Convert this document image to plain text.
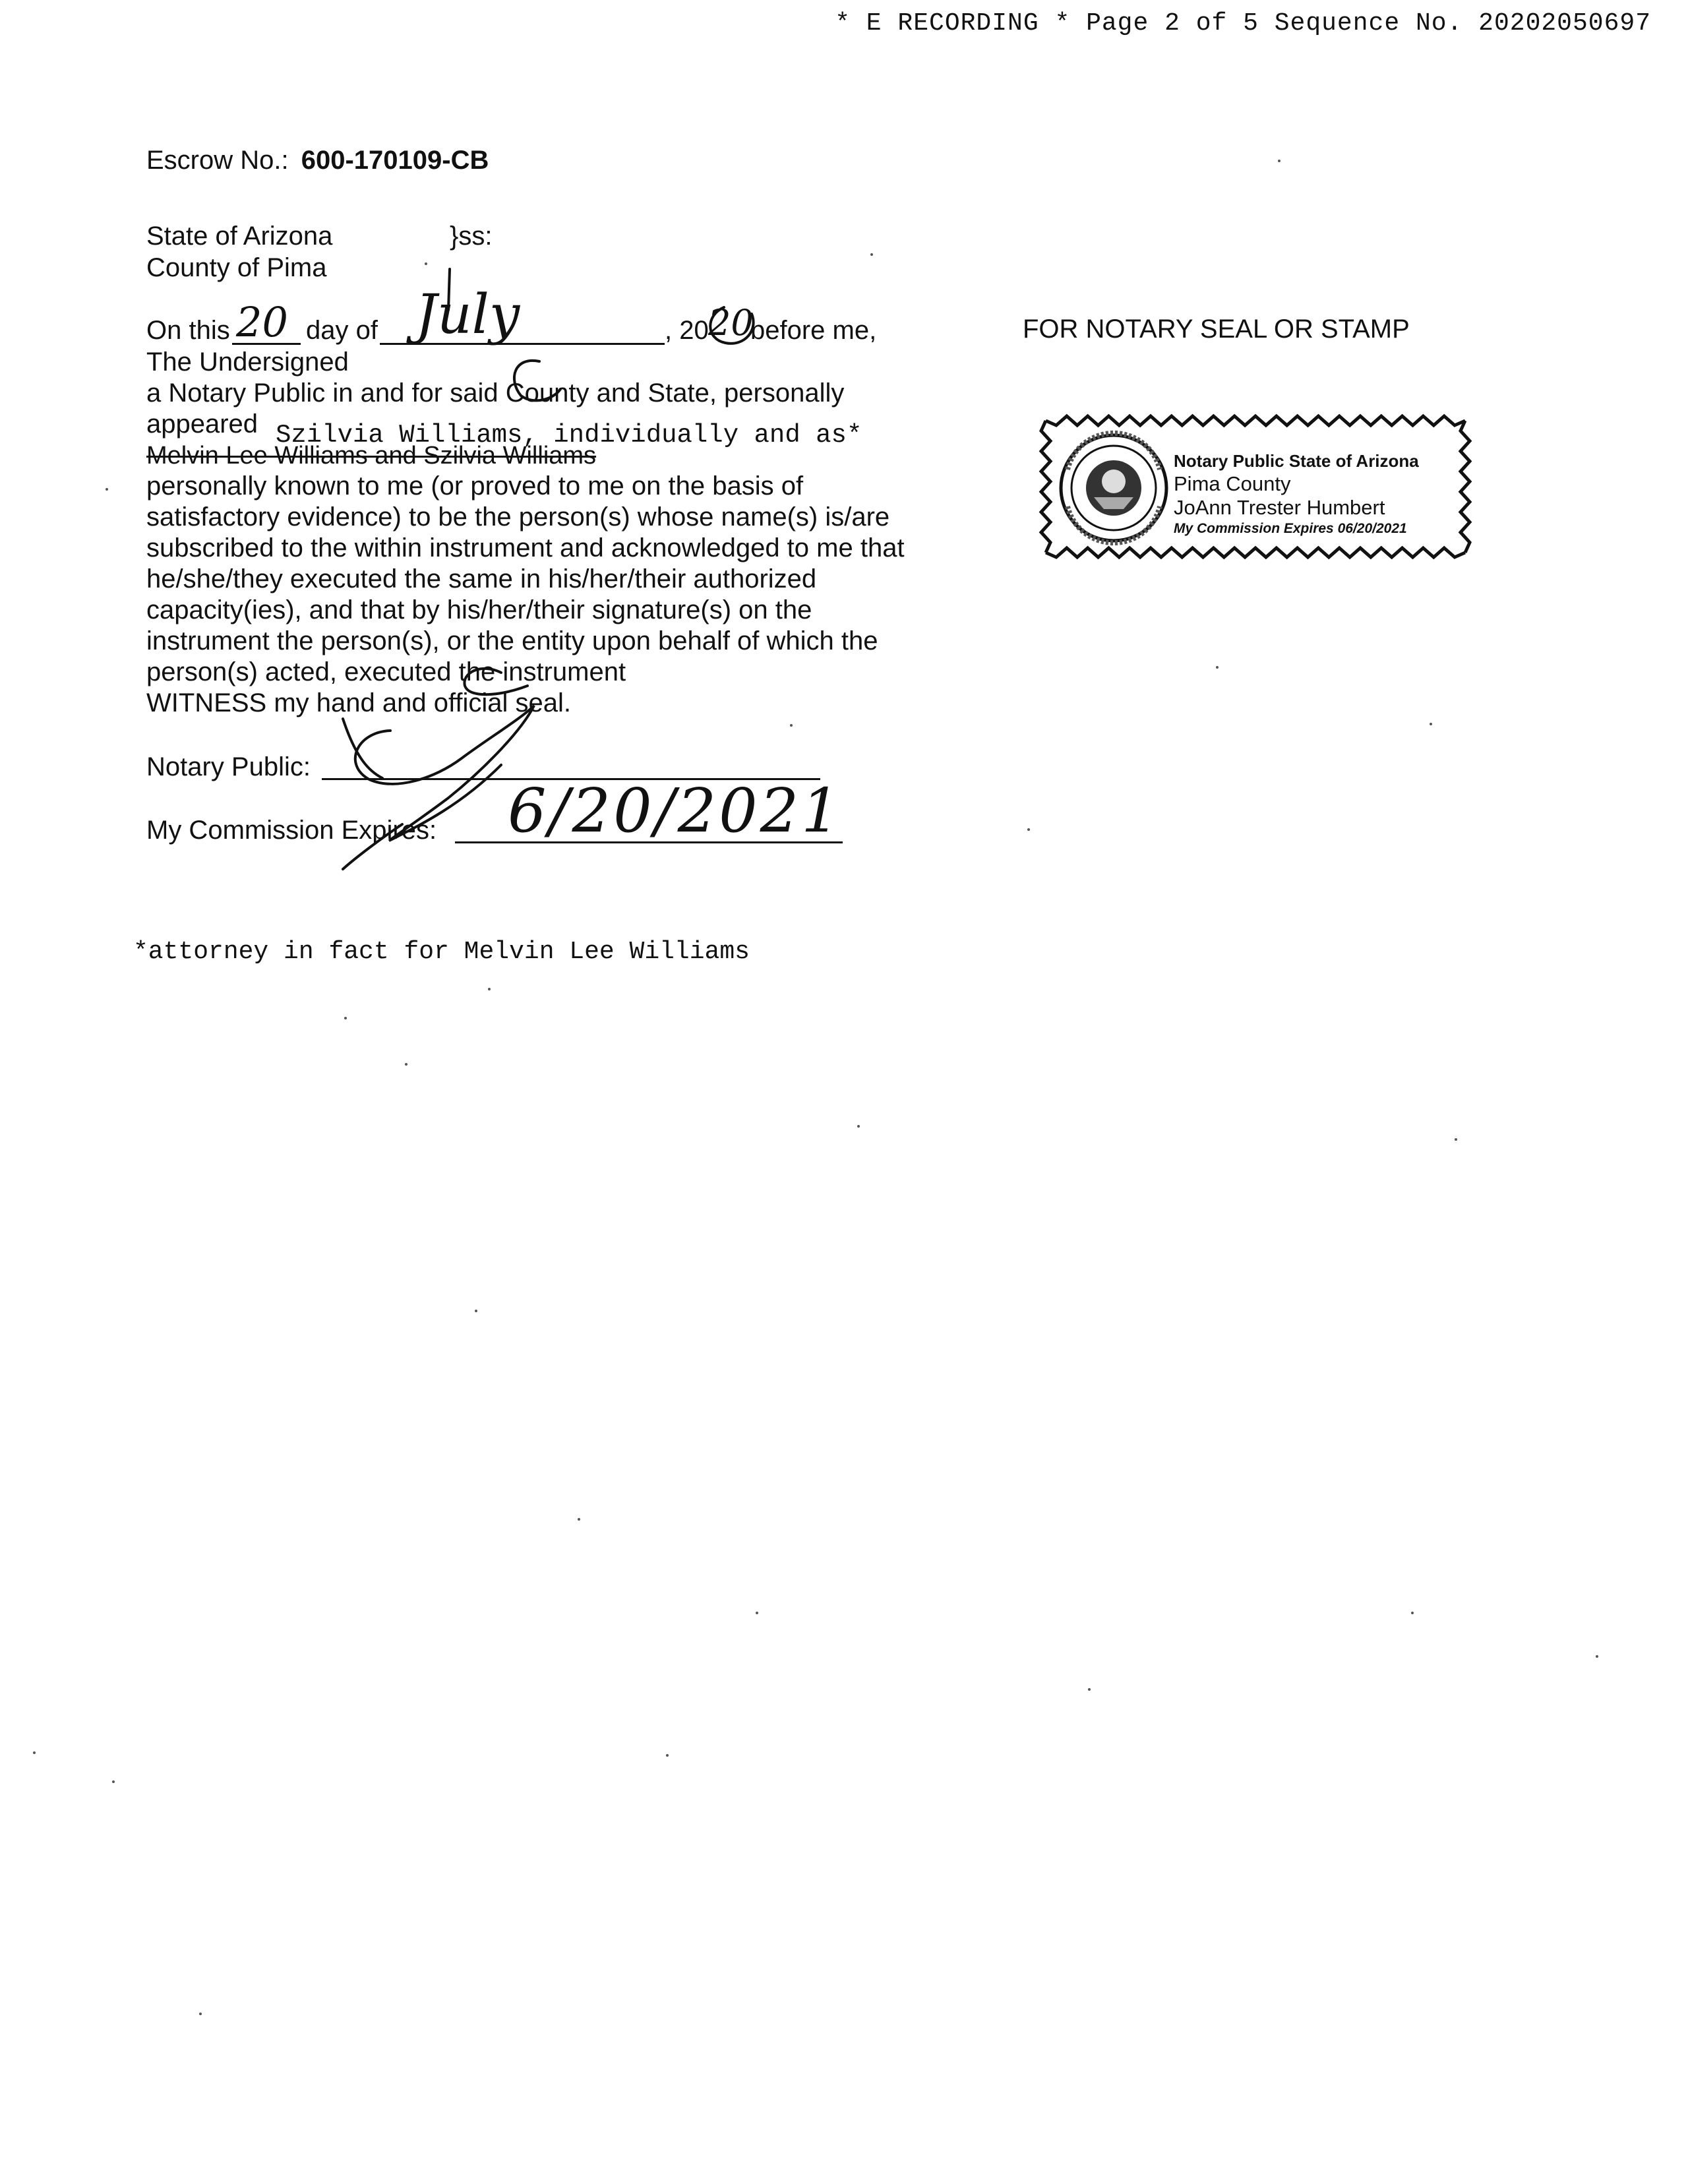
* E RECORDING * Page 2 of 5 Sequence No. 20202050697
Escrow No.: 600-170109-CB
State of Arizona	}ss:
County of Pima
On this 20 day of July	, 20 20
before me,
The Undersigned
a Notary Public in and for said County and State, personally
appeared Szilvia Williams, individually and as*
Melvin Lee Williams and Szilvia Williams
personally known to me (or proved to me on the basis of
satisfactory evidence) to be the person(s) whose name(s) is/are
subscribed to the within instrument and acknowledged to me that
he/she/they executed the same in his/her/their authorized
capacity(ies), and that by his/her/their signature(s) on the
instrument the person(s), or the entity upon behalf of which the
person(s) acted, executed the instrument
WITNESS my hand and official seal.
Notary Public:
My Commission Expires: 6/20/2021
FOR NOTARY SEAL OR STAMP
Notary Public State of Arizona
Pima County
JoAnn Trester Humbert
My Commission Expires 06/20/2021
*attorney in fact for Melvin Lee Williams
